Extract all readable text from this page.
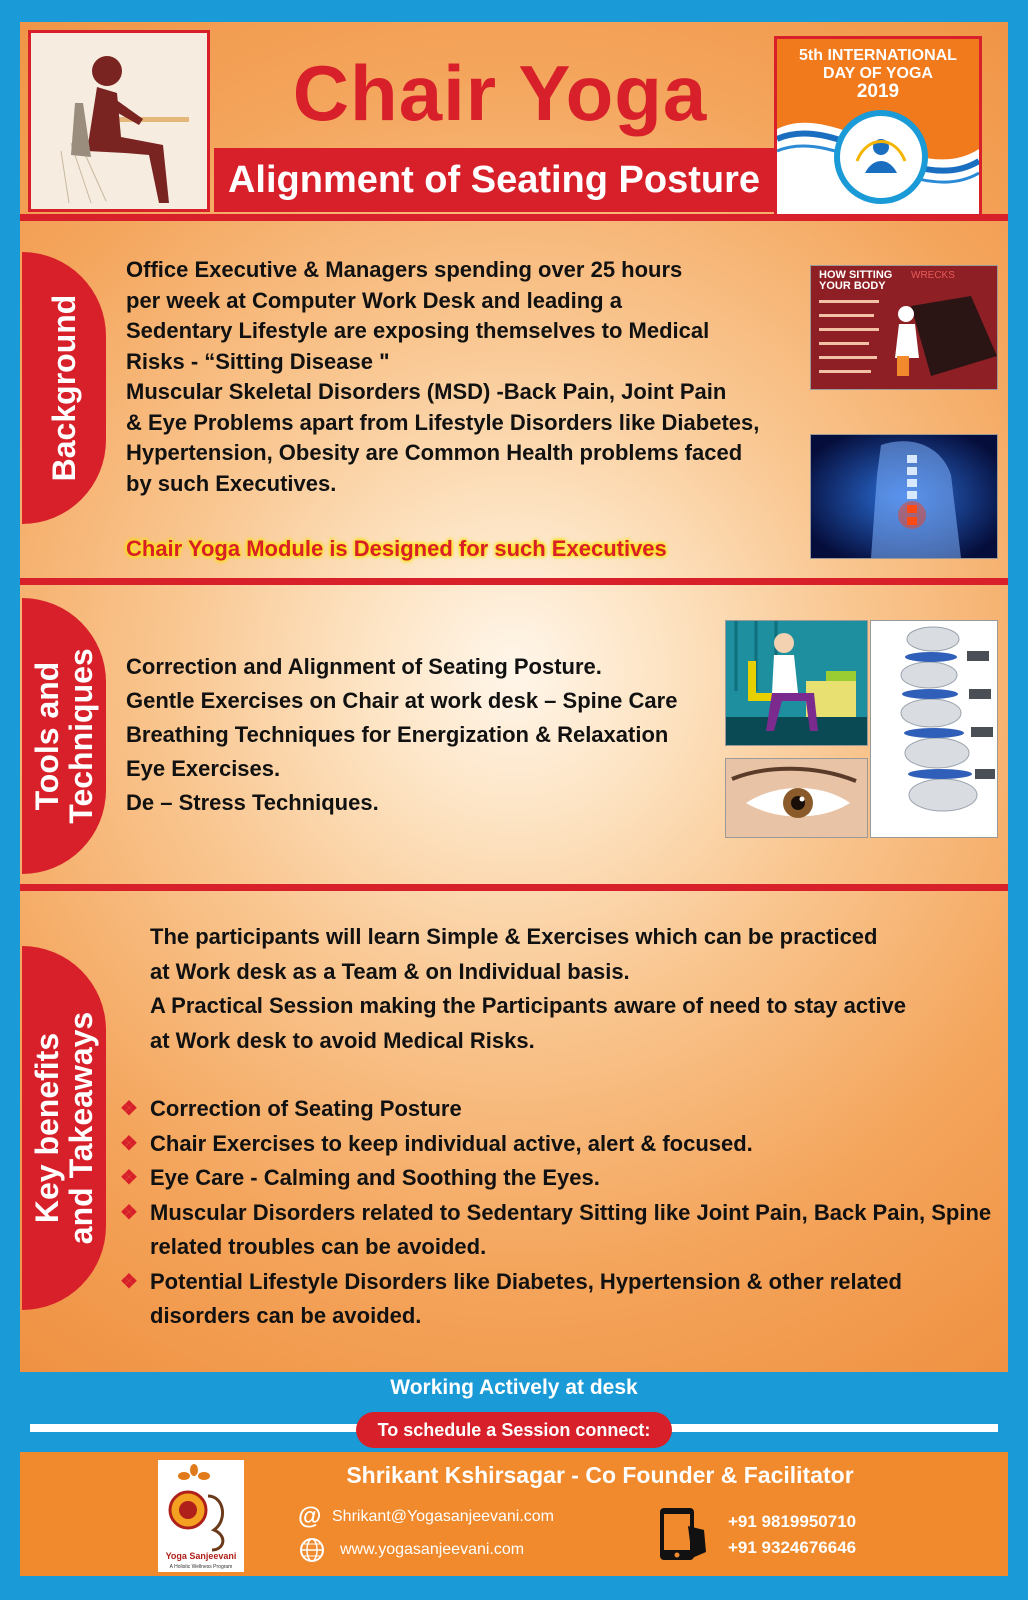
Chair Yoga
Alignment of Seating Posture
5th INTERNATIONAL
DAY OF YOGA
2019
Background
Office Executive & Managers spending over 25 hours
per week at Computer Work Desk and leading a
Sedentary Lifestyle are exposing themselves to Medical
Risks - “Sitting Disease "
Muscular Skeletal Disorders (MSD) -Back Pain, Joint Pain
& Eye Problems apart from Lifestyle Disorders like Diabetes,
Hypertension, Obesity are Common Health problems faced
by such Executives.
Chair Yoga Module is Designed for such Executives
HOW SITTING WRECKS
YOUR BODY
Tools and
Techniques Correction and Alignment of Seating Posture.
Gentle Exercises on Chair at work desk – Spine Care
Breathing Techniques for Energization & Relaxation
Eye Exercises.
De – Stress Techniques.
Key benefits
and Takeaways
The participants will learn Simple & Exercises which can be practiced
at Work desk as a Team & on Individual basis.
A Practical Session making the Participants aware of need to stay active
at Work desk to avoid Medical Risks.
❖ Correction of Seating Posture
❖ Chair Exercises to keep individual active, alert & focused.
❖ Eye Care - Calming and Soothing the Eyes.
❖ Muscular Disorders related to Sedentary Sitting like Joint Pain, Back Pain, Spine related troubles can be avoided.
❖ Potential Lifestyle Disorders like Diabetes, Hypertension & other related disorders can be avoided.
Working Actively at desk
To schedule a Session connect:
Yoga Sanjeevani
A Holistic Wellness Program
Shrikant Kshirsagar - Co Founder & Facilitator
@ Shrikant@Yogasanjeevani.com
www.yogasanjeevani.com
+91 9819950710
+91 9324676646
